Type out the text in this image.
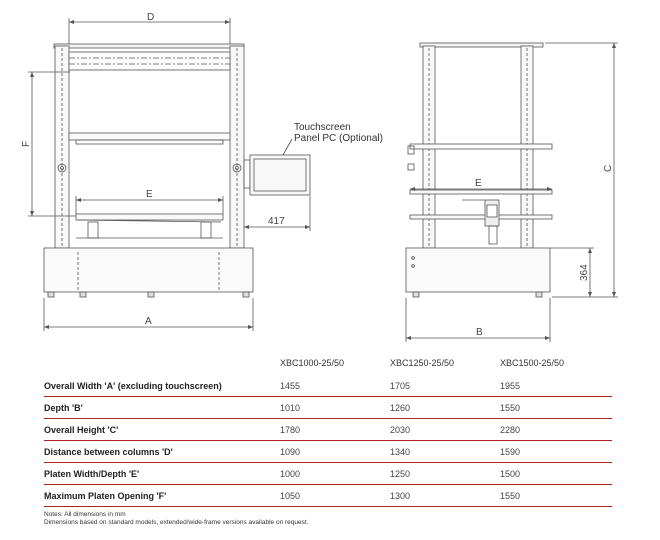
D
F
E
A
417
Touchscreen
Panel PC (Optional)
E
B
C
364
	XBC1000-25/50	XBC1250-25/50	XBC1500-25/50
Overall Width 'A' (excluding touchscreen)	1455	1705	1955
Depth 'B'	1010	1260	1550
Overall Height 'C'	1780	2030	2280
Distance between columns 'D'	1090	1340	1590
Platen Width/Depth 'E'	1000	1250	1500
Maximum Platen Opening 'F'	1050	1300	1550
Notes: All dimensions in mm
Dimensions based on standard models, extended/wide-frame versions available on request.
